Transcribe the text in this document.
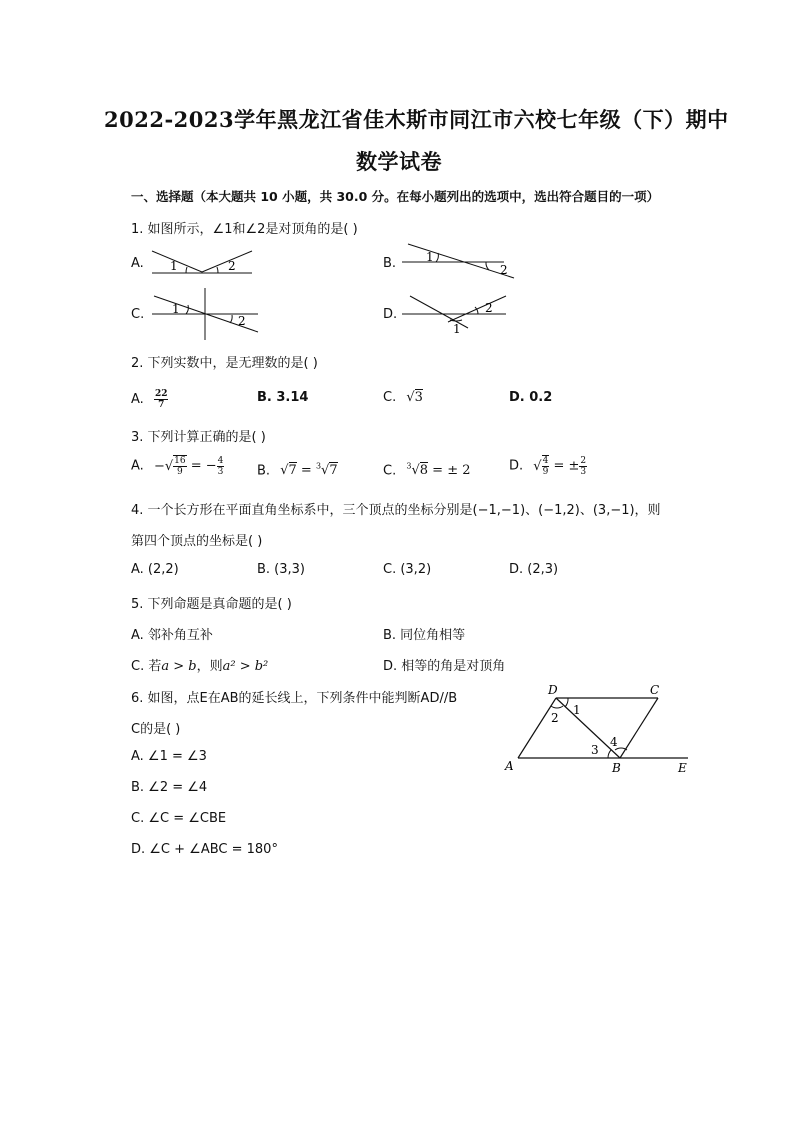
2022-2023学年黑龙江省佳木斯市同江市六校七年级（下）期中
数学试卷
一、选择题（本大题共 10 小题，共 30.0 分。在每小题列出的选项中，选出符合题目的一项）
1. 如图所示，∠1和∠2是对顶角的是( )
A. 1	2	B. 1
2
C. 1
2	D.	2
1
2. 下列实数中，是无理数的是( )
A. $\frac{22}{7}$	B. 3.14	C. √3	D. 0.2
3. 下列计算正确的是( )
A. −√ $\frac{16}{9}$ = − $\frac{4}{3}$	B. √7 = $^3$√7	C. $^3$√8 = ± 2	D. √ $\frac{4}{9}$ = ± $\frac{2}{3}$
4. 一个长方形在平面直角坐标系中，三个顶点的坐标分别是(−1,−1)、(−1,2)、(3,−1)，则
第四个顶点的坐标是( )
A. (2,2)	B. (3,3)	C. (3,2)	D. (2,3)
5. 下列命题是真命题的是( )
A. 邻补角互补	B. 同位角相等
C. 若a > b，则a² > b²	D. 相等的角是对顶角
6. 如图，点E在AB的延长线上，下列条件中能判断AD//B
C的是( )
A. ∠1 = ∠3
B. ∠2 = ∠4
C. ∠C = ∠CBE
D. ∠C + ∠ABC = 180°
D	C
A	B	E
1
2
3
4
